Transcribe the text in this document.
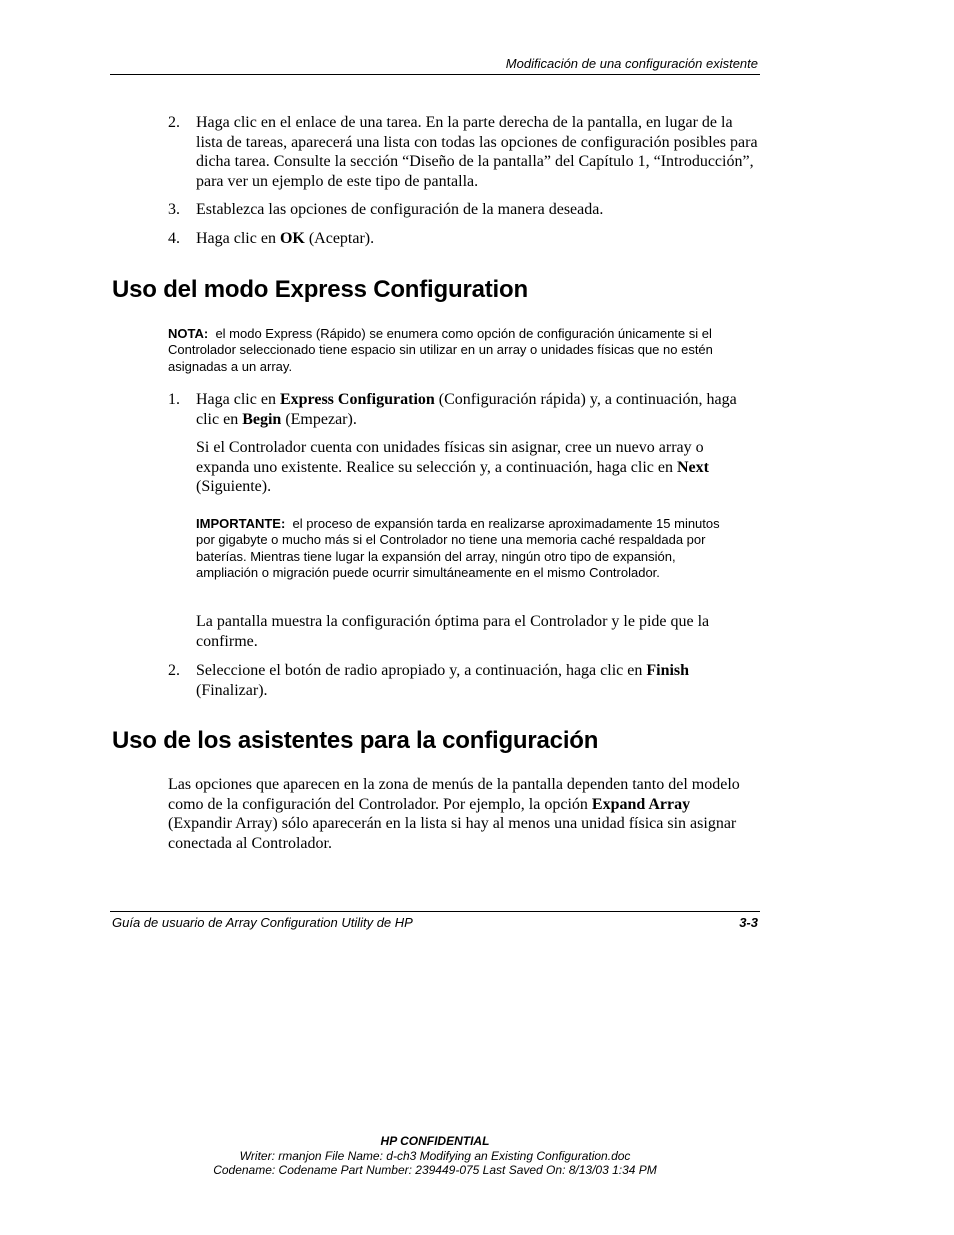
Modificación de una configuración existente
2. Haga clic en el enlace de una tarea. En la parte derecha de la pantalla, en lugar de la lista de tareas, aparecerá una lista con todas las opciones de configuración posibles para dicha tarea. Consulte la sección “Diseño de la pantalla” del Capítulo 1, “Introducción”, para ver un ejemplo de este tipo de pantalla.
3. Establezca las opciones de configuración de la manera deseada.
4. Haga clic en OK (Aceptar).
Uso del modo Express Configuration
NOTA: el modo Express (Rápido) se enumera como opción de configuración únicamente si el Controlador seleccionado tiene espacio sin utilizar en un array o unidades físicas que no estén asignadas a un array.
1. Haga clic en Express Configuration (Configuración rápida) y, a continuación, haga clic en Begin (Empezar).
Si el Controlador cuenta con unidades físicas sin asignar, cree un nuevo array o expanda uno existente. Realice su selección y, a continuación, haga clic en Next (Siguiente).
IMPORTANTE: el proceso de expansión tarda en realizarse aproximadamente 15 minutos por gigabyte o mucho más si el Controlador no tiene una memoria caché respaldada por baterías. Mientras tiene lugar la expansión del array, ningún otro tipo de expansión, ampliación o migración puede ocurrir simultáneamente en el mismo Controlador.
La pantalla muestra la configuración óptima para el Controlador y le pide que la confirme.
2. Seleccione el botón de radio apropiado y, a continuación, haga clic en Finish (Finalizar).
Uso de los asistentes para la configuración
Las opciones que aparecen en la zona de menús de la pantalla dependen tanto del modelo como de la configuración del Controlador. Por ejemplo, la opción Expand Array (Expandir Array) sólo aparecerán en la lista si hay al menos una unidad física sin asignar conectada al Controlador.
Guía de usuario de Array Configuration Utility de HP	3-3
HP CONFIDENTIAL
Writer: rmanjon File Name: d-ch3 Modifying an Existing Configuration.doc
Codename: Codename Part Number: 239449-075 Last Saved On: 8/13/03 1:34 PM
